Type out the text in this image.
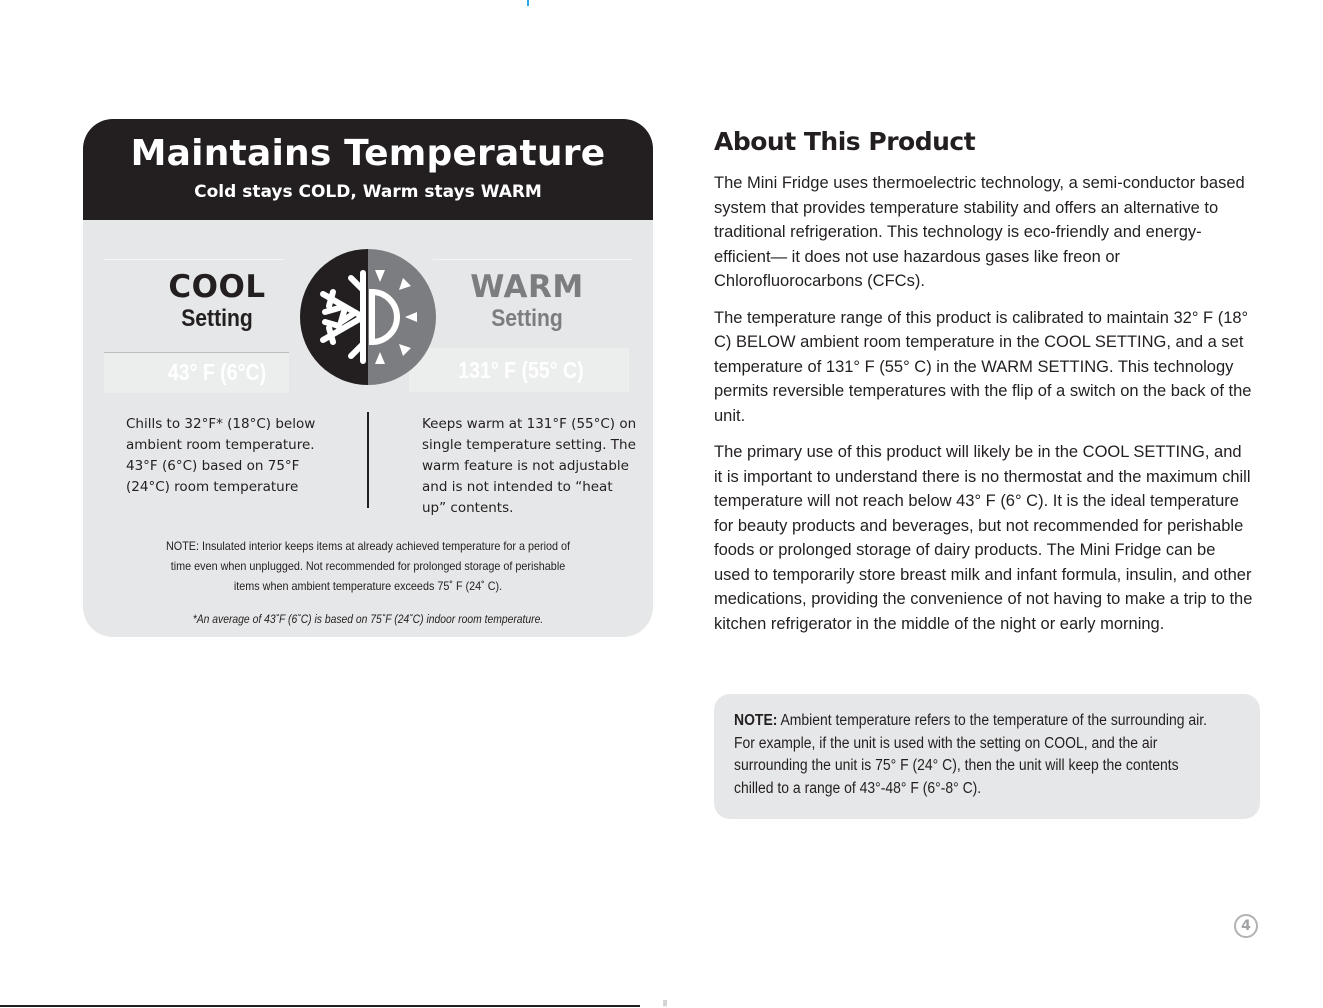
Maintains Temperature
Cold stays COLD, Warm stays WARM
COOL
Setting
WARM
Setting
43° F (6°C)	131° F (55° C)
Chills to 32°F* (18°C) below ambient room temperature. 43°F (6°C) based on 75°F (24°C) room temperature
Keeps warm at 131°F (55°C) on single temperature setting. The warm feature is not adjustable and is not intended to “heat up” contents.
NOTE: Insulated interior keeps items at already achieved temperature for a period of time even when unplugged. Not recommended for prolonged storage of perishable items when ambient temperature exceeds 75˚ F (24˚ C).
*An average of 43˚F (6˚C) is based on 75˚F (24˚C) indoor room temperature.
About This Product

The Mini Fridge uses thermoelectric technology, a semi-conductor based system that provides temperature stability and offers an alternative to traditional refrigeration. This technology is eco-friendly and energy-efficient— it does not use hazardous gases like freon or Chlorofluorocarbons (CFCs).

The temperature range of this product is calibrated to maintain 32° F (18° C) BELOW ambient room temperature in the COOL SETTING, and a set temperature of 131° F (55° C) in the WARM SETTING. This technology permits reversible temperatures with the flip of a switch on the back of the unit.

The primary use of this product will likely be in the COOL SETTING, and it is important to understand there is no thermostat and the maximum chill temperature will not reach below 43° F (6° C). It is the ideal temperature for beauty products and beverages, but not recommended for perishable foods or prolonged storage of dairy products. The Mini Fridge can be used to temporarily store breast milk and infant formula, insulin, and other medications, providing the convenience of not having to make a trip to the kitchen refrigerator in the middle of the night or early morning.

NOTE: Ambient temperature refers to the temperature of the surrounding air. For example, if the unit is used with the setting on COOL, and the air surrounding the unit is 75° F (24° C), then the unit will keep the contents chilled to a range of 43°-48° F (6°-8° C).
4
||
